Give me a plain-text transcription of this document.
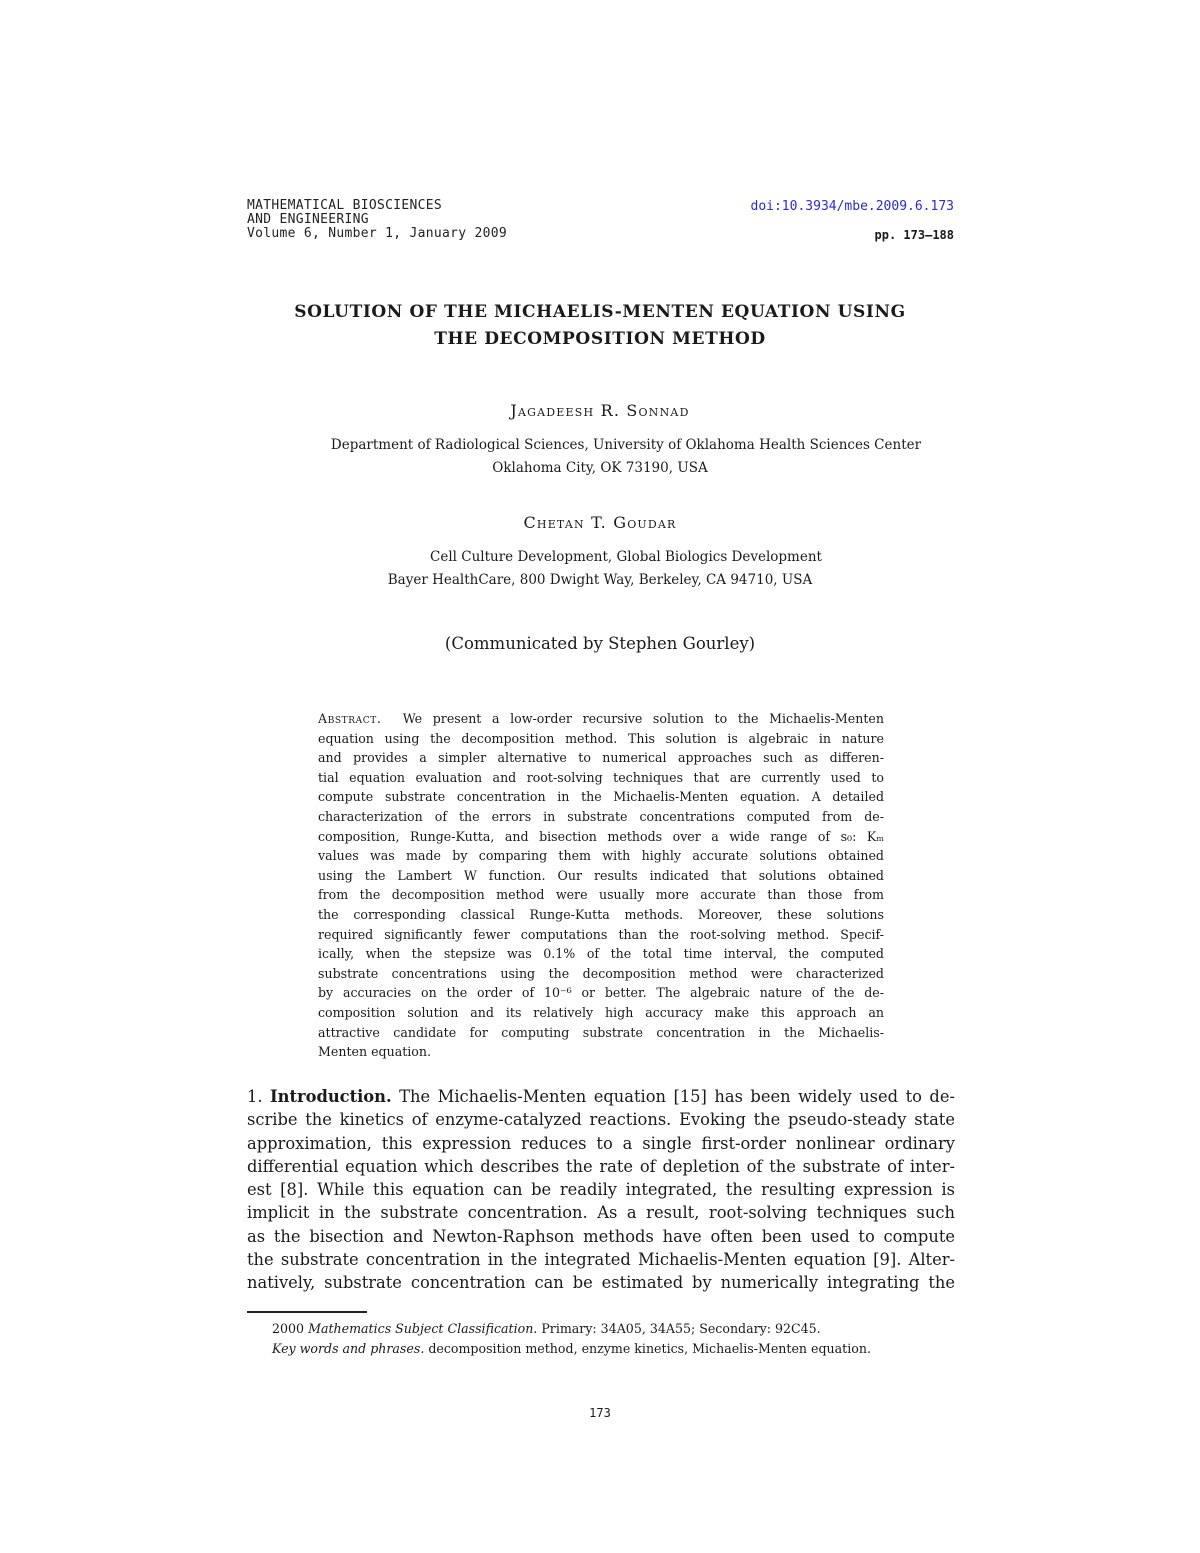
MATHEMATICAL BIOSCIENCES
AND ENGINEERING
Volume 6, Number 1, January 2009
doi:10.3934/mbe.2009.6.173
pp. 173–188
SOLUTION OF THE MICHAELIS-MENTEN EQUATION USING
THE DECOMPOSITION METHOD
Jagadeesh R. Sonnad
Department of Radiological Sciences, University of Oklahoma Health Sciences Center
Oklahoma City, OK 73190, USA
Chetan T. Goudar
Cell Culture Development, Global Biologics Development
Bayer HealthCare, 800 Dwight Way, Berkeley, CA 94710, USA
(Communicated by Stephen Gourley)
Abstract. We present a low-order recursive solution to the Michaelis-Menten
equation using the decomposition method. This solution is algebraic in nature
and provides a simpler alternative to numerical approaches such as differen-
tial equation evaluation and root-solving techniques that are currently used to
compute substrate concentration in the Michaelis-Menten equation. A detailed
characterization of the errors in substrate concentrations computed from de-
composition, Runge-Kutta, and bisection methods over a wide range of s₀: Kₘ
values was made by comparing them with highly accurate solutions obtained
using the Lambert W function. Our results indicated that solutions obtained
from the decomposition method were usually more accurate than those from
the corresponding classical Runge-Kutta methods. Moreover, these solutions
required significantly fewer computations than the root-solving method. Specif-
ically, when the stepsize was 0.1% of the total time interval, the computed
substrate concentrations using the decomposition method were characterized
by accuracies on the order of 10⁻⁶ or better. The algebraic nature of the de-
composition solution and its relatively high accuracy make this approach an
attractive candidate for computing substrate concentration in the Michaelis-
Menten equation.
1. Introduction. The Michaelis-Menten equation [15] has been widely used to de-
scribe the kinetics of enzyme-catalyzed reactions. Evoking the pseudo-steady state
approximation, this expression reduces to a single first-order nonlinear ordinary
differential equation which describes the rate of depletion of the substrate of inter-
est [8]. While this equation can be readily integrated, the resulting expression is
implicit in the substrate concentration. As a result, root-solving techniques such
as the bisection and Newton-Raphson methods have often been used to compute
the substrate concentration in the integrated Michaelis-Menten equation [9]. Alter-
natively, substrate concentration can be estimated by numerically integrating the
2000 Mathematics Subject Classification. Primary: 34A05, 34A55; Secondary: 92C45.
Key words and phrases. decomposition method, enzyme kinetics, Michaelis-Menten equation.
173
